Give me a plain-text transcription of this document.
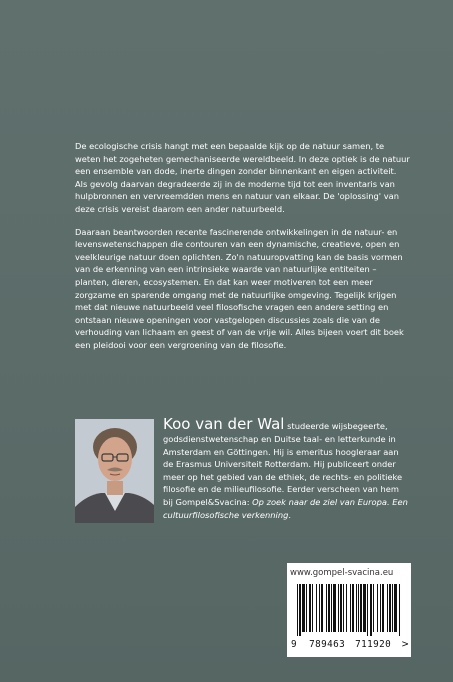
De ecologische crisis hangt met een bepaalde kijk op de natuur samen, te weten het zogeheten gemechaniseerde wereldbeeld. In deze optiek is de natuur een ensemble van dode, inerte dingen zonder binnenkant en eigen activiteit. Als gevolg daarvan degradeerde zij in de moderne tijd tot een inventaris van hulpbronnen en vervreemdden mens en natuur van elkaar. De 'oplossing' van deze crisis vereist daarom een ander natuurbeeld.

Daaraan beantwoorden recente fascinerende ontwikkelingen in de natuur- en levenswetenschappen die contouren van een dynamische, creatieve, open en veelkleurige natuur doen oplichten. Zo'n natuuropvatting kan de basis vormen van de erkenning van een intrinsieke waarde van natuurlijke entiteiten – planten, dieren, ecosystemen. En dat kan weer motiveren tot een meer zorgzame en sparende omgang met de natuurlijke omgeving. Tegelijk krijgen met dat nieuwe natuurbeeld veel filosofische vragen een andere setting en ontstaan nieuwe openingen voor vastgelopen discussies zoals die van de verhouding van lichaam en geest of van de vrije wil. Alles bijeen voert dit boek een pleidooi voor een vergroening van de filosofie.

Koo van der Wal studeerde wijsbegeerte, godsdienstwetenschap en Duitse taal- en letterkunde in Amsterdam en Göttingen. Hij is emeritus hoogleraar aan de Erasmus Universiteit Rotterdam. Hij publiceert onder meer op het gebied van de ethiek, de rechts- en politieke filosofie en de milieufilosofie. Eerder verscheen van hem bij Gompel&Svacina: Op zoek naar de ziel van Europa. Een cultuurfilosofische verkenning.
www.gompel-svacina.eu
9 789463 711920 >
